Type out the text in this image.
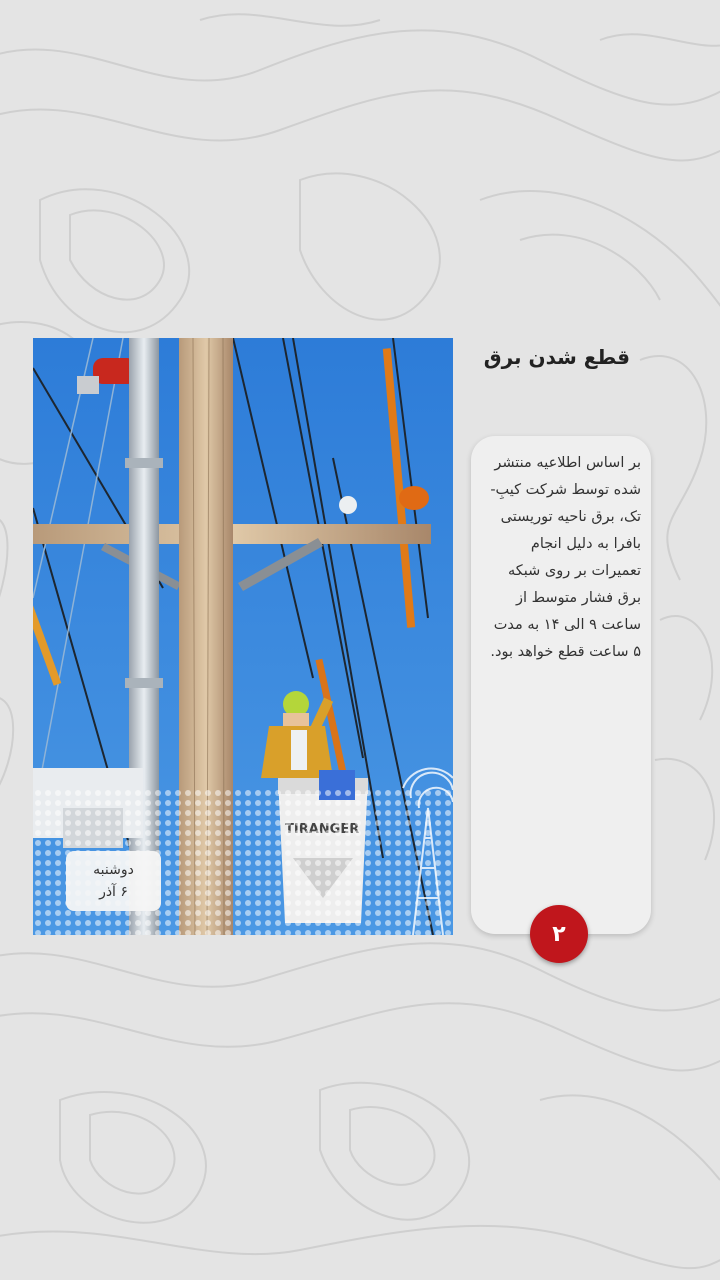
دوشنبه
۶ آذر
قطع شدن برق
بر اساس اطلاعیه منتشر شده توسط شرکت کیبِ-تک، برق ناحیه توریستی بافرا به دلیل انجام تعمیرات بر روی شبکه برق فشار متوسط از ساعت ۹ الی ۱۴ به مدت ۵ ساعت قطع خواهد بود.
۲
